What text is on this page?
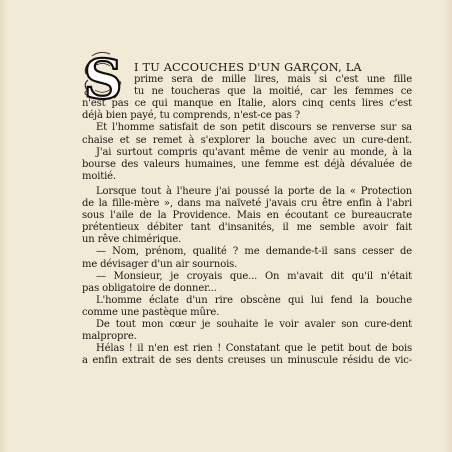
S	I TU ACCOUCHES D'UN GARÇON, LA
prime sera de mille lires, mais si c'est une fille
tu ne toucheras que la moitié, car les femmes ce
n'est pas ce qui manque en Italie, alors cinq cents lires c'est
déjà bien payé, tu comprends, n'est-ce pas ?
Et l'homme satisfait de son petit discours se renverse sur sa
chaise et se remet à s'explorer la bouche avec un cure-dent.
J'ai surtout compris qu'avant même de venir au monde, à la
bourse des valeurs humaines, une femme est déjà dévaluée de
moitié.
Lorsque tout à l'heure j'ai poussé la porte de la « Protection
de la fille-mère », dans ma naïveté j'avais cru être enfin à l'abri
sous l'aile de la Providence. Mais en écoutant ce bureaucrate
prétentieux débiter tant d'insanités, il me semble avoir fait
un rêve chimérique.
— Nom, prénom, qualité ? me demande-t-il sans cesser de
me dévisager d'un air sournois.
— Monsieur, je croyais que... On m'avait dit qu'il n'était
pas obligatoire de donner...
L'homme éclate d'un rire obscène qui lui fend la bouche
comme une pastèque mûre.
De tout mon cœur je souhaite le voir avaler son cure-dent
malpropre.
Hélas ! il n'en est rien ! Constatant que le petit bout de bois
a enfin extrait de ses dents creuses un minuscule résidu de vic-
